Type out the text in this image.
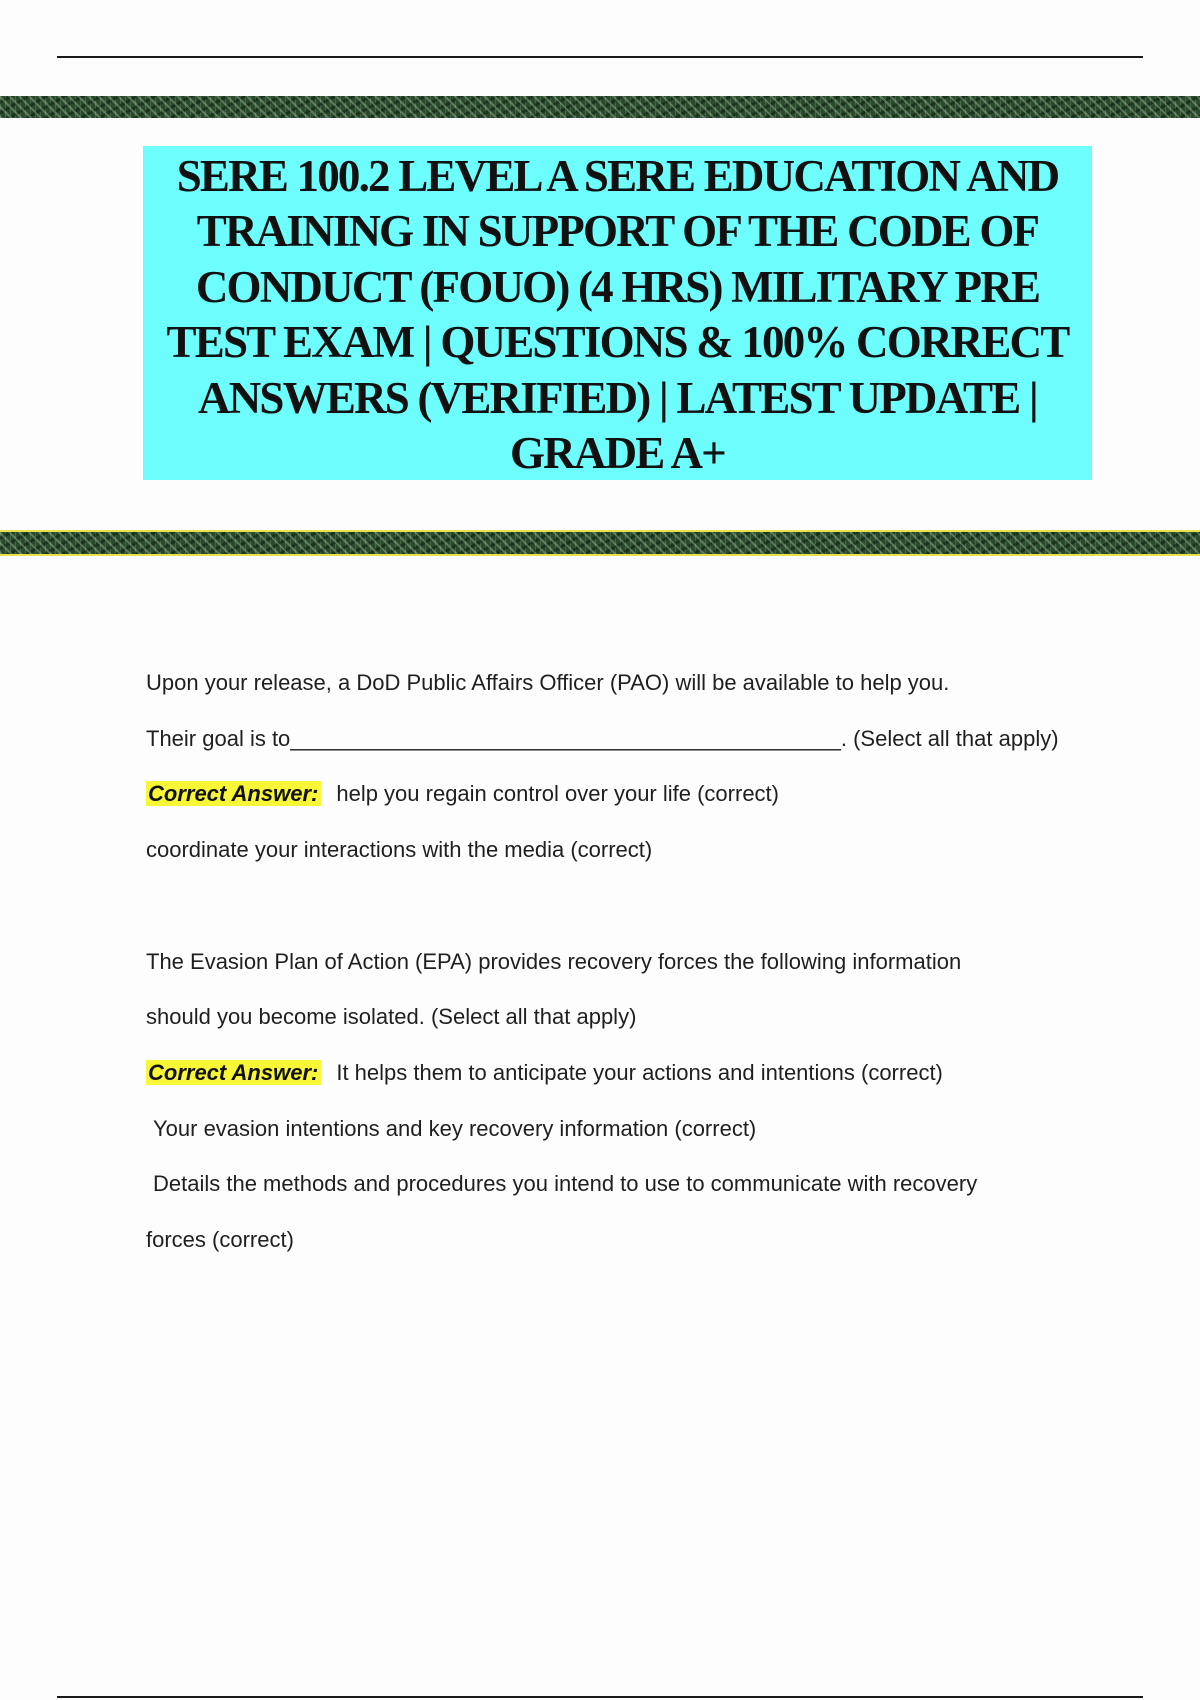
SERE 100.2 LEVEL A SERE EDUCATION AND TRAINING IN SUPPORT OF THE CODE OF CONDUCT (FOUO) (4 HRS) MILITARY PRE TEST EXAM | QUESTIONS & 100% CORRECT ANSWERS (VERIFIED) | LATEST UPDATE | GRADE A+

Upon your release, a DoD Public Affairs Officer (PAO) will be available to help you.

Their goal is to_____________________________________________. (Select all that apply)

Correct Answer: help you regain control over your life (correct)

coordinate your interactions with the media (correct)

The Evasion Plan of Action (EPA) provides recovery forces the following information

should you become isolated. (Select all that apply)

Correct Answer: It helps them to anticipate your actions and intentions (correct)

Your evasion intentions and key recovery information (correct)

Details the methods and procedures you intend to use to communicate with recovery

forces (correct)
